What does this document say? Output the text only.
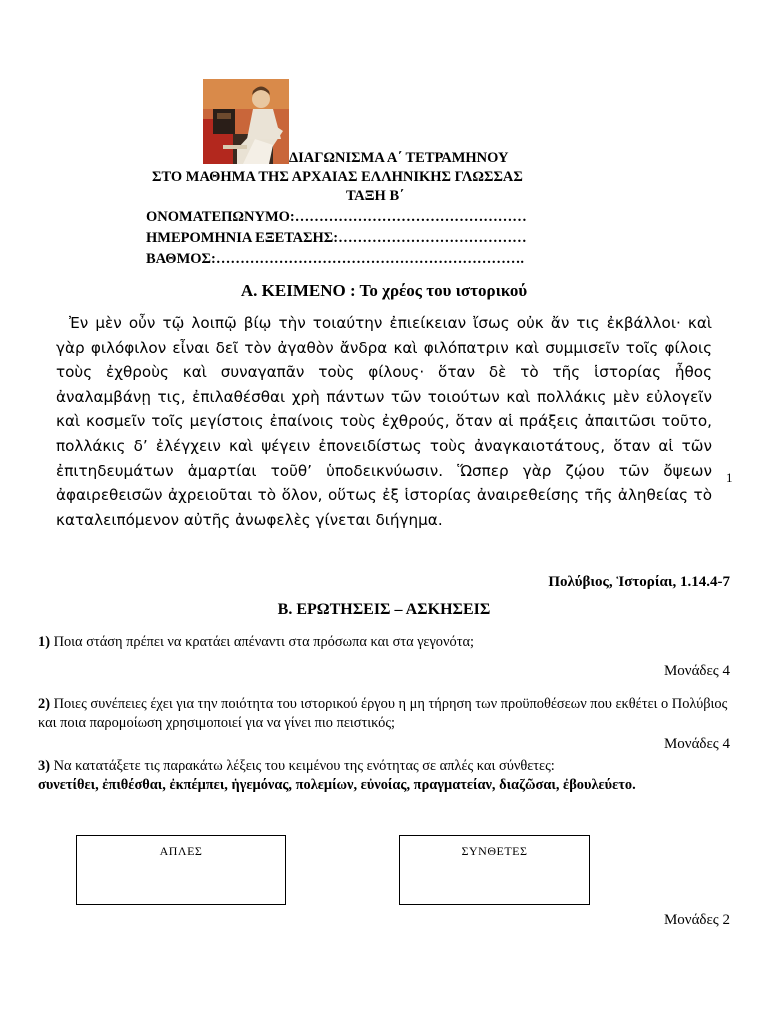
ΔΙΑΓΩΝΙΣΜΑ Α΄ ΤΕΤΡΑΜΗΝΟΥ
ΣΤΟ ΜΑΘΗΜΑ ΤΗΣ ΑΡΧΑΙΑΣ ΕΛΛΗΝΙΚΗΣ ΓΛΩΣΣΑΣ
ΤΑΞΗ Β΄
ΟΝΟΜΑΤΕΠΩΝΥΜΟ:…………………………………………
ΗΜΕΡΟΜΗΝΙΑ ΕΞΕΤΑΣΗΣ:…………………………………
ΒΑΘΜΟΣ:……………………………………………………….
Α. ΚΕΙΜΕΝΟ : Το χρέος του ιστορικού
Ἐν μὲν οὖν τῷ λοιπῷ βίῳ τὴν τοιαύτην ἐπιείκειαν ἴσως οὐκ ἄν τις ἐκβάλλοι· καὶ γὰρ φιλόφιλον εἶναι δεῖ τὸν ἀγαθὸν ἄνδρα καὶ φιλόπατριν καὶ συμμισεῖν τοῖς φίλοις τοὺς ἐχθροὺς καὶ συναγαπᾶν τοὺς φίλους· ὅταν δὲ τὸ τῆς ἱστορίας ἦθος ἀναλαμβάνῃ τις, ἐπιλαθέσθαι χρὴ πάντων τῶν τοιούτων καὶ πολλάκις μὲν εὐλογεῖν καὶ κοσμεῖν τοῖς μεγίστοις ἐπαίνοις τοὺς ἐχθρούς, ὅταν αἱ πράξεις ἀπαιτῶσι τοῦτο, πολλάκις δ’ ἐλέγχειν καὶ ψέγειν ἐπονειδίστως τοὺς ἀναγκαιοτάτους, ὅταν αἱ τῶν ἐπιτηδευμάτων ἁμαρτίαι τοῦθ’ ὑποδεικνύωσιν. Ὥσπερ γὰρ ζῴου τῶν ὄψεων ἀφαιρεθεισῶν ἀχρειοῦται τὸ ὅλον, οὕτως ἐξ ἱστορίας ἀναιρεθείσης τῆς ἀληθείας τὸ καταλειπόμενον αὐτῆς ἀνωφελὲς γίνεται διήγημα.
1
Πολύβιος, Ἱστορίαι, 1.14.4-7
Β. ΕΡΩΤΗΣΕΙΣ – ΑΣΚΗΣΕΙΣ
1) Ποια στάση πρέπει να κρατάει απέναντι στα πρόσωπα και στα γεγονότα;
Μονάδες 4
2) Ποιες συνέπειες έχει για την ποιότητα του ιστορικού έργου η μη τήρηση των προϋποθέσεων που εκθέτει ο Πολύβιος και ποια παρομοίωση χρησιμοποιεί για να γίνει πιο πειστικός;
Μονάδες 4
3) Να κατατάξετε τις παρακάτω λέξεις του κειμένου της ενότητας σε απλές και σύνθετες:
συνετίθει, ἐπιθέσθαι, ἐκπέμπει, ἡγεμόνας, πολεμίων, εὐνοίας, πραγματείαν, διαζῶσαι, ἐβουλεύετο.
ΑΠΛΕΣ	ΣΥΝΘΕΤΕΣ
Μονάδες 2
